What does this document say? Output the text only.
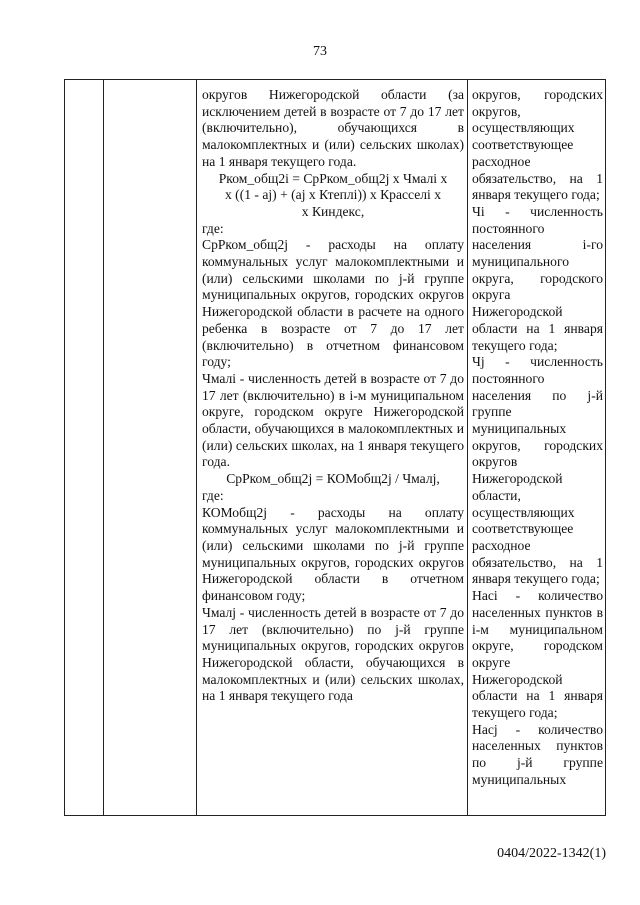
73

округов Нижегородской области (за исключением детей в возрасте от 7 до 17 лет (включительно), обучающихся в малокомплектных и (или) сельских школах) на 1 января текущего года.

Рком_общ2i = СрРком_общ2j х Чмалі х

х ((1 - аj) + (аj х Ктеплі)) х Красселі х

х Киндекс,

где:

СрРком_общ2j - расходы на оплату коммунальных услуг малокомплектными и (или) сельскими школами по j-й группе муниципальных округов, городских округов Нижегородской области в расчете на одного ребенка в возрасте от 7 до 17 лет (включительно) в отчетном финансовом году;

Чмалі - численность детей в возрасте от 7 до 17 лет (включительно) в і-м муниципальном округе, городском округе Нижегородской области, обучающихся в малокомплектных и (или) сельских школах, на 1 января текущего года.

СрРком_общ2j = КОМобщ2j / Чмалj,

где:

КОМобщ2j - расходы на оплату коммунальных услуг малокомплектными и (или) сельскими школами по j-й группе муниципальных округов, городских округов Нижегородской области в отчетном финансовом году;

Чмалj - численность детей в возрасте от 7 до 17 лет (включительно) по j-й группе муниципальных округов, городских округов Нижегородской области, обучающихся в малокомплектных и (или) сельских школах, на 1 января текущего года

округов, городских округов, осуществляющих соответствующее расходное обязательство, на 1 января текущего года;

Чі - численность постоянного населения і-го муниципального округа, городского округа Нижегородской области на 1 января текущего года;

Чj - численность постоянного населения по j-й группе муниципальных округов, городских округов Нижегородской области, осуществляющих соответствующее расходное обязательство, на 1 января текущего года;

Насі - количество населенных пунктов в і-м муниципальном округе, городском округе Нижегородской области на 1 января текущего года;

Насj - количество населенных пунктов по j-й группе муниципальных

0404/2022-1342(1)
